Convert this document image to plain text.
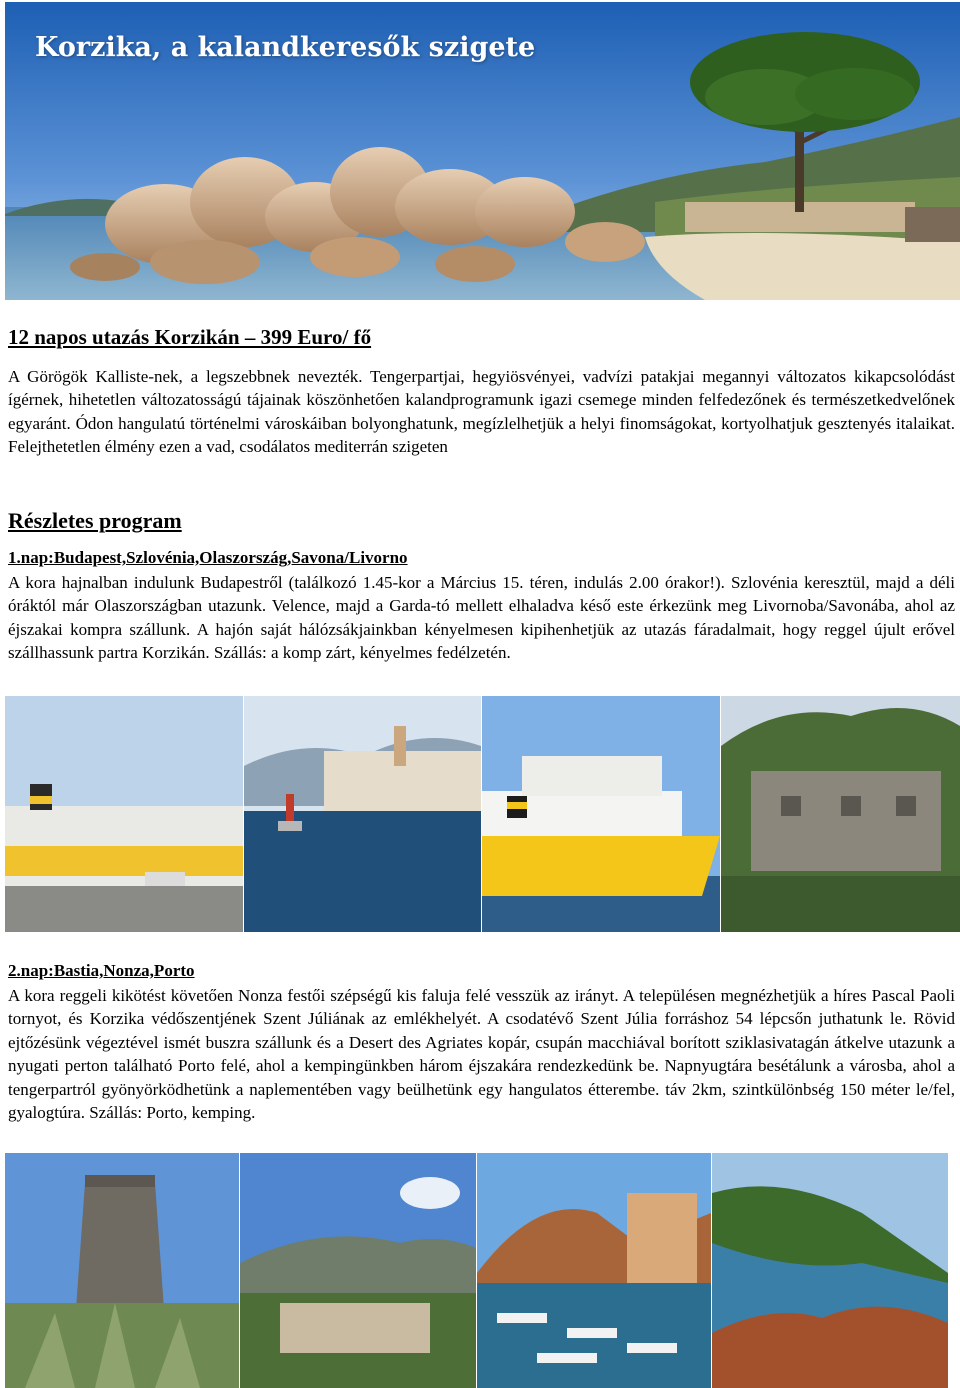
Korzika, a kalandkeresők szigete
12 napos utazás Korzikán – 399 Euro/ fő

A Görögök Kalliste-nek, a legszebbnek nevezték. Tengerpartjai, hegyiösvényei, vadvízi patakjai megannyi változatos kikapcsolódást ígérnek, hihetetlen változatosságú tájainak köszönhetően kalandprogramunk igazi csemege minden felfedezőnek és természetkedvelőnek egyaránt. Ódon hangulatú történelmi városkáiban bolyonghatunk, megízlelhetjük a helyi finomságokat, kortyolhatjuk gesztenyés italaikat. Felejthetetlen élmény ezen a vad, csodálatos mediterrán szigeten

Részletes program
1.nap:Budapest,Szlovénia,Olaszország,Savona/Livorno

A kora hajnalban indulunk Budapestről (találkozó 1.45-kor a Március 15. téren, indulás 2.00 órakor!). Szlovénia keresztül, majd a déli óráktól már Olaszországban utazunk. Velence, majd a Garda-tó mellett elhaladva késő este érkezünk meg Livornoba/Savonába, ahol az éjszakai kompra szállunk. A hajón saját hálózsákjainkban kényelmesen kipihenhetjük az utazás fáradalmait, hogy reggel újult erővel szállhassunk partra Korzikán. Szállás: a komp zárt, kényelmes fedélzetén.

2.nap:Bastia,Nonza,Porto

A kora reggeli kikötést követően Nonza festői szépségű kis faluja felé vesszük az irányt. A településen megnézhetjük a híres Pascal Paoli tornyot, és Korzika védőszentjének Szent Júliának az emlékhelyét. A csodatévő Szent Júlia forráshoz 54 lépcsőn juthatunk le. Rövid ejtőzésünk végeztével ismét buszra szállunk és a Desert des Agriates kopár, csupán macchiával borított sziklasivatagán átkelve utazunk a nyugati perton található Porto felé, ahol a kempingünkben három éjszakára rendezkedünk be. Napnyugtára besétálunk a városba, ahol a tengerpartról gyönyörködhetünk a naplementében vagy beülhetünk egy hangulatos étterembe. táv 2km, szintkülönbség 150 méter le/fel, gyalogtúra. Szállás: Porto, kemping.
